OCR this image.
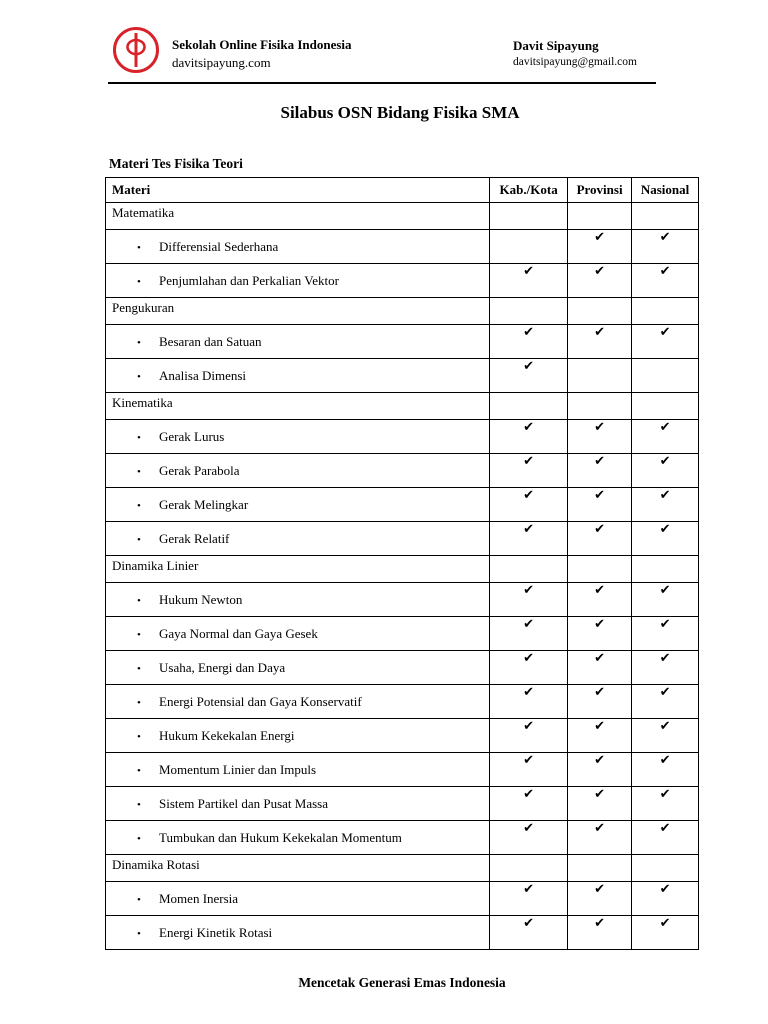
Sekolah Online Fisika Indonesia
davitsipayung.com
Davit Sipayung
davitsipayung@gmail.com
Silabus OSN Bidang Fisika SMA
Materi Tes Fisika Teori
Materi	Kab./Kota	Provinsi	Nasional
Matematika			
• Differensial Sederhana		✔	✔
• Penjumlahan dan Perkalian Vektor	✔	✔	✔
Pengukuran			
• Besaran dan Satuan	✔	✔	✔
• Analisa Dimensi	✔		
Kinematika			
• Gerak Lurus	✔	✔	✔
• Gerak Parabola	✔	✔	✔
• Gerak Melingkar	✔	✔	✔
• Gerak Relatif	✔	✔	✔
Dinamika Linier			
• Hukum Newton	✔	✔	✔
• Gaya Normal dan Gaya Gesek	✔	✔	✔
• Usaha, Energi dan Daya	✔	✔	✔
• Energi Potensial dan Gaya Konservatif	✔	✔	✔
• Hukum Kekekalan Energi	✔	✔	✔
• Momentum Linier dan Impuls	✔	✔	✔
• Sistem Partikel dan Pusat Massa	✔	✔	✔
• Tumbukan dan Hukum Kekekalan Momentum	✔	✔	✔
Dinamika Rotasi			
• Momen Inersia	✔	✔	✔
• Energi Kinetik Rotasi	✔	✔	✔
Mencetak Generasi Emas Indonesia
